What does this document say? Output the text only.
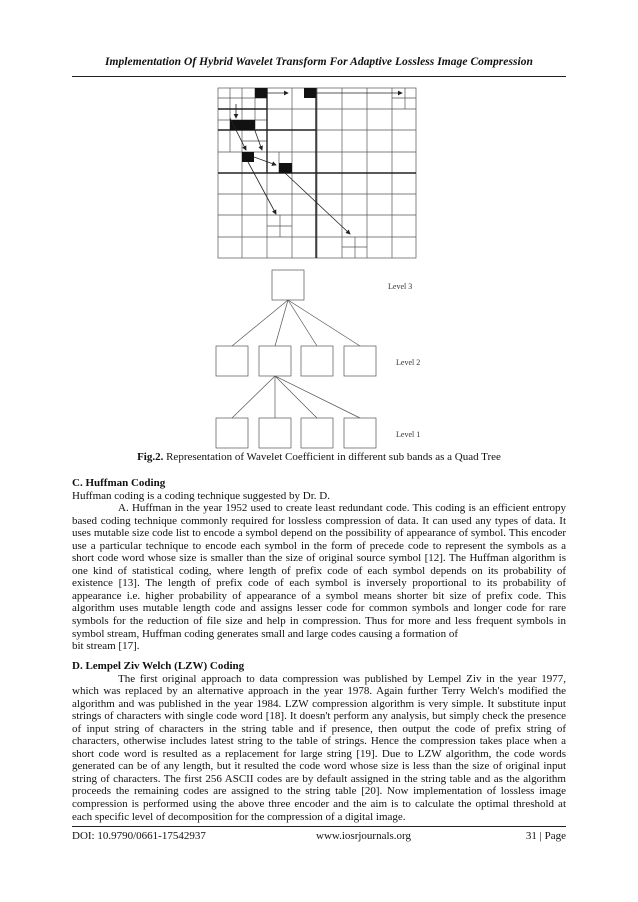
Implementation Of Hybrid Wavelet Transform For Adaptive Lossless Image Compression
Level 3
Level 2
Level 1
Fig.2. Representation of Wavelet Coefficient in different sub bands as a Quad Tree
C. Huffman Coding

Huffman coding is a coding technique suggested by Dr. D.

A. Huffman in the year 1952 used to create least redundant code. This coding is an efficient entropy based coding technique commonly required for lossless compression of data. It can used any types of data. It uses mutable size code list to encode a symbol depend on the possibility of appearance of symbol. This encoder use a particular technique to encode each symbol in the form of precede code to represent the symbols as a short code word whose size is smaller than the size of original source symbol [12]. The Huffman algorithm is one kind of statistical coding, where length of prefix code of each symbol depends on its probability of existence [13]. The length of prefix code of each symbol is inversely proportional to its probability of appearance i.e. higher probability of appearance of a symbol means shorter bit size of prefix code. This algorithm uses mutable length code and assigns lesser code for common symbols and longer code for rare symbols for the reduction of file size and help in compression. Thus for more and less frequent symbols in symbol stream, Huffman coding generates small and large codes causing a formation of

bit stream [17].

D. Lempel Ziv Welch (LZW) Coding

The first original approach to data compression was published by Lempel Ziv in the year 1977, which was replaced by an alternative approach in the year 1978. Again further Terry Welch's modified the algorithm and was published in the year 1984. LZW compression algorithm is very simple. It substitute input strings of characters with single code word [18]. It doesn't perform any analysis, but simply check the presence of input string of characters in the string table and if presence, then output the code of prefix string of characters, otherwise includes latest string to the table of strings. Hence the compression takes place when a short code word is resulted as a replacement for large string [19]. Due to LZW algorithm, the code words generated can be of any length, but it resulted the code word whose size is less than the size of original input string of characters. The first 256 ASCII codes are by default assigned in the string table and as the algorithm proceeds the remaining codes are assigned to the string table [20]. Now implementation of lossless image compression is performed using the above three encoder and the aim is to calculate the optimal threshold at each specific level of decomposition for the compression of a digital image.

DOI: 10.9790/0661-17542937	www.iosrjournals.org	31 | Page
